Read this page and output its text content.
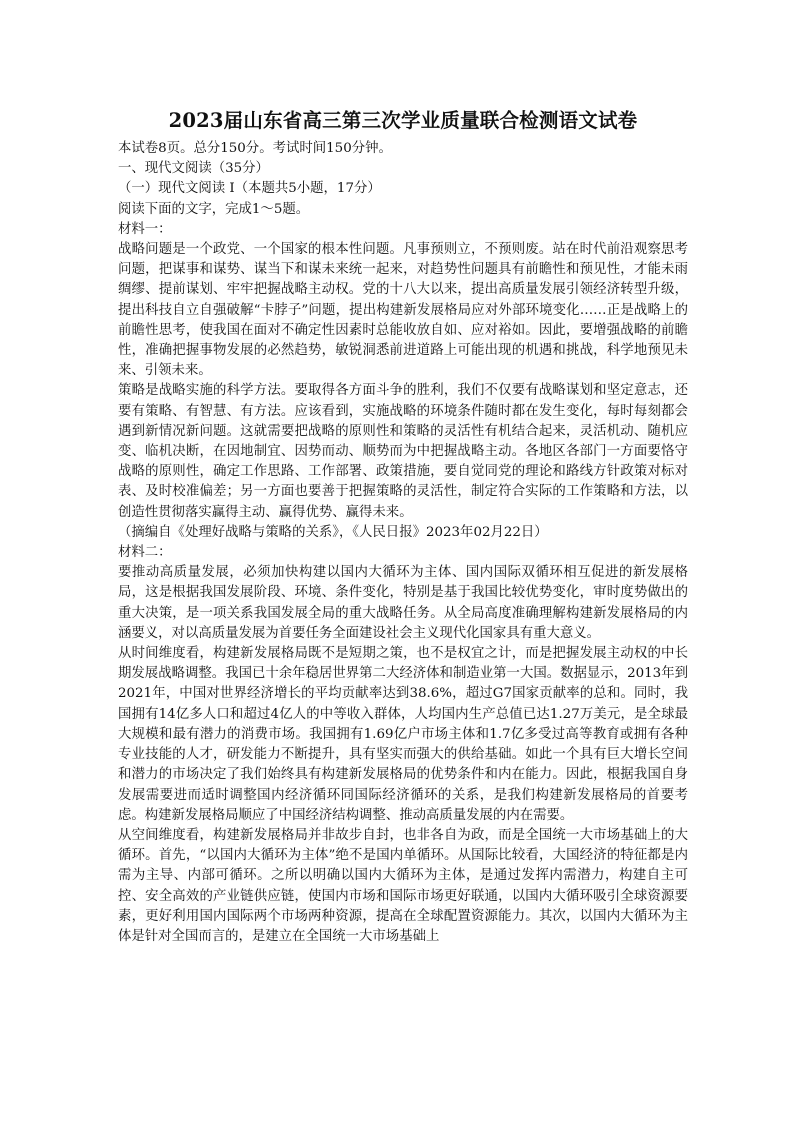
2023届山东省高三第三次学业质量联合检测语文试卷

本试卷8页。总分150分。考试时间150分钟。

一、现代文阅读（35分）

（一）现代文阅读 I（本题共5小题，17分）

阅读下面的文字，完成1～5题。

材料一：

战略问题是一个政党、一个国家的根本性问题。凡事预则立，不预则废。站在时代前沿观察思考问题，把谋事和谋势、谋当下和谋未来统一起来，对趋势性问题具有前瞻性和预见性，才能未雨绸缪、提前谋划、牢牢把握战略主动权。党的十八大以来，提出高质量发展引领经济转型升级，提出科技自立自强破解“卡脖子”问题，提出构建新发展格局应对外部环境变化……正是战略上的前瞻性思考，使我国在面对不确定性因素时总能收放自如、应对裕如。因此，要增强战略的前瞻性，准确把握事物发展的必然趋势，敏锐洞悉前进道路上可能出现的机遇和挑战，科学地预见未来、引领未来。

策略是战略实施的科学方法。要取得各方面斗争的胜利，我们不仅要有战略谋划和坚定意志，还要有策略、有智慧、有方法。应该看到，实施战略的环境条件随时都在发生变化，每时每刻都会遇到新情况新问题。这就需要把战略的原则性和策略的灵活性有机结合起来，灵活机动、随机应变、临机决断，在因地制宜、因势而动、顺势而为中把握战略主动。各地区各部门一方面要恪守战略的原则性，确定工作思路、工作部署、政策措施，要自觉同党的理论和路线方针政策对标对表、及时校准偏差；另一方面也要善于把握策略的灵活性，制定符合实际的工作策略和方法，以创造性贯彻落实赢得主动、赢得优势、赢得未来。

（摘编自《处理好战略与策略的关系》，《人民日报》2023年02月22日）

材料二：

要推动高质量发展，必须加快构建以国内大循环为主体、国内国际双循环相互促进的新发展格局，这是根据我国发展阶段、环境、条件变化，特别是基于我国比较优势变化，审时度势做出的重大决策，是一项关系我国发展全局的重大战略任务。从全局高度准确理解构建新发展格局的内涵要义，对以高质量发展为首要任务全面建设社会主义现代化国家具有重大意义。

从时间维度看，构建新发展格局既不是短期之策，也不是权宜之计，而是把握发展主动权的中长期发展战略调整。我国已十余年稳居世界第二大经济体和制造业第一大国。数据显示，2013年到2021年，中国对世界经济增长的平均贡献率达到38.6%，超过G7国家贡献率的总和。同时，我国拥有14亿多人口和超过4亿人的中等收入群体，人均国内生产总值已达1.27万美元，是全球最大规模和最有潜力的消费市场。我国拥有1.69亿户市场主体和1.7亿多受过高等教育或拥有各种专业技能的人才，研发能力不断提升，具有坚实而强大的供给基础。如此一个具有巨大增长空间和潜力的市场决定了我们始终具有构建新发展格局的优势条件和内在能力。因此，根据我国自身发展需要进而适时调整国内经济循环同国际经济循环的关系，是我们构建新发展格局的首要考虑。构建新发展格局顺应了中国经济结构调整、推动高质量发展的内在需要。

从空间维度看，构建新发展格局并非故步自封，也非各自为政，而是全国统一大市场基础上的大循环。首先，“以国内大循环为主体”绝不是国内单循环。从国际比较看，大国经济的特征都是内需为主导、内部可循环。之所以明确以国内大循环为主体，是通过发挥内需潜力，构建自主可控、安全高效的产业链供应链，使国内市场和国际市场更好联通，以国内大循环吸引全球资源要素，更好利用国内国际两个市场两种资源，提高在全球配置资源能力。其次，以国内大循环为主体是针对全国而言的，是建立在全国统一大市场基础上
